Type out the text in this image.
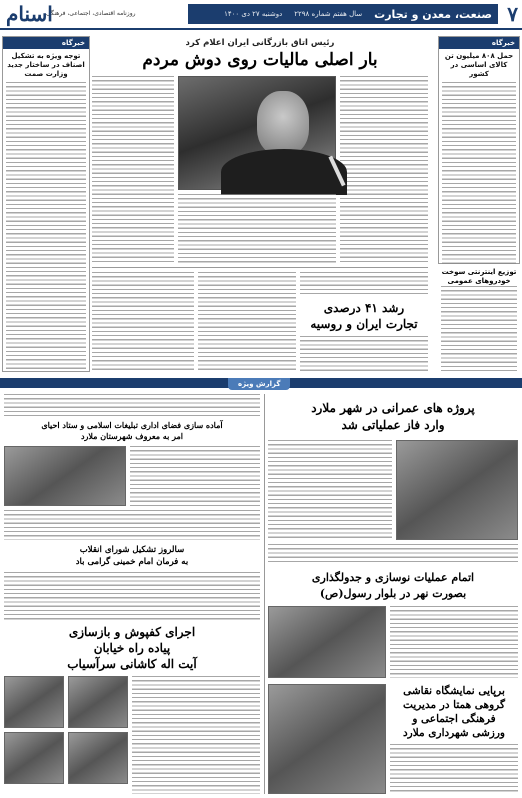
۷
صنعت، معدن و تجارت
سال هفتم شماره ۲۲۹۸
دوشنبه ۲۷ دی ۱۴۰۰
روزنامه اقتصادی، اجتماعی، فرهنگی
اسنام
خبرگاه
حمل ۸۰۸ میلیون تن کالای اساسی در کشور
توزیع اینترنتی سوخت خودروهای عمومی
خبرگاه
توجه ویژه به تشکیل اصناف در ساختار جدید وزارت صمت
رئیس اتاق بازرگانی ایران اعلام کرد
بار اصلی مالیات روی دوش مردم
رشد ۴۱ درصدی
تجارت ایران و روسیه
گزارش ویژه
پروژه های عمرانی در شهر ملارد
وارد فاز عملیاتی شد
اتمام عملیات نوسازی و جدولگذاری
بصورت نهر در بلوار رسول(ص)
برپایی نمایشگاه نقاشی
گروهی همتا در مدیریت
فرهنگی اجتماعی و
ورزشی شهرداری ملارد
آماده سازی فضای اداری تبلیغات اسلامی و ستاد احیای
امر به معروف شهرستان ملارد
سالروز تشکیل شورای انقلاب
به فرمان امام خمینی گرامی باد
اجرای کفپوش و بازسازی
پیاده راه خیابان
آیت اله کاشانی سرآسیاب
